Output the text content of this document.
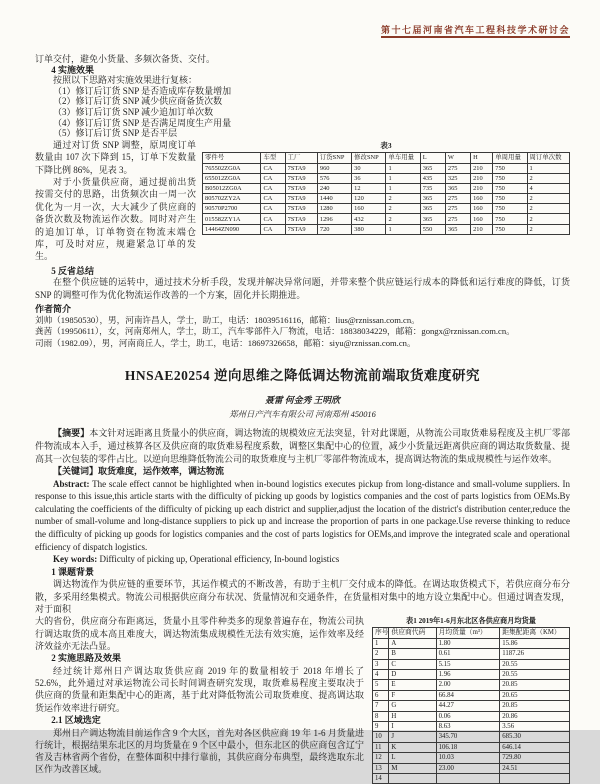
第十七届河南省汽车工程科技学术研讨会
订单交付，避免小货量、多频次备货、交付。
4 实施效果
按照以下思路对实施效果进行复核：
（1）修订后订货 SNP 是否造成库存数量增加
（2）修订后订货 SNP 减少供应商备货次数
（3）修订后订货 SNP 减少追加订单次数
（4）修订后订货 SNP 是否满足周度生产用量
（5）修订后订货 SNP 是否平层
表3
零件号	车型	工厂	订货SNP	修改SNP	单车用量	L	W	H	单周用量	周订单次数
765502ZG0A	CA	7STA9	960	30	1	365	275	210	750	1
655012ZG0A	CA	7STA9	576	36	1	435	325	210	750	2
B05012ZG0A	CA	7STA9	240	12	1	735	365	210	750	4
805702ZY2A	CA	7STA9	1440	120	2	365	275	160	750	2
90570P2700	CA	7STA9	1280	160	2	365	275	160	750	2
015582ZY1A	CA	7STA9	1296	432	2	365	275	160	750	2
14464ZN090	CA	7STA9	720	380	1	550	365	210	750	2

通过对订货 SNP 调整，原周度订单数量由 107 次下降到 15，订单下发数量下降比例 86%，见表 3。

对于小货量供应商，通过提前出货按需交付的思路，出货频次由一周一次优化为一月一次，大大减少了供应商的备货次数及物流运作次数。同时对产生的追加订单，订单物资在物流末端仓库，可及时对应，规避紧急订单的发生。

5 反省总结

在整个供应链的运转中，通过技术分析手段，发现并解决异常问题，并带来整个供应链运行成本的降低和运行难度的降低，订货 SNP 的调整可作为优化物流运作改善的一个方案，固化并长期推进。

作者简介
刘帅（19850530），男，河南许昌人，学士，助工，电话：18039516116，邮箱：lius@rznissan.com.cn。
龚茜（19950611），女，河南郑州人，学士，助工，汽车零部件入厂物流，电话：18838034229，邮箱：gongx@rznissan.com.cn。
司雨（1982.09），男，河南商丘人，学士，助工，电话：18697326658，邮箱：siyu@rznissan.com.cn。
HNSAE20254 逆向思维之降低调达物流前端取货难度研究
聂雷 何金秀 王明欣
郑州日产汽车有限公司 河南郑州 450016

【摘要】本文针对远距离且货量小的供应商，调达物流的规模效应无法突显，针对此课题，从物流公司取货难易程度及主机厂零部件物流成本入手，通过核算各区及供应商的取货难易程度系数，调整区集配中心的位置，减少小货量远距离供应商的调达取货数量、提高其一次包装的零件占比。以逆向思维降低物流公司的取货难度与主机厂零部件物流成本，提高调达物流的集成规模性与运作效率。

【关键词】取货难度，运作效率，调达物流

Abstract: The scale effect cannot be highlighted when in-bound logistics executes pickup from long-distance and small-volume suppliers. In response to this issue,this article starts with the difficulty of picking up goods by logistics companies and the cost of parts logistics from OEMs.By calculating the coefficients of the difficulty of picking up each district and supplier,adjust the location of the district's distribution center,reduce the number of small-volume and long-distance suppliers to pick up and increase the proportion of parts in one package.Use reverse thinking to reduce the difficulty of picking up goods for logistics companies and the cost of parts logistics for OEMs,and improve the integrated scale and operational efficiency of dispatch logistics.

Key words: Difficulty of picking up, Operational efficiency, In-bound logistics

1 课题背景

调达物流作为供应链的重要环节，其运作模式的不断改善，有助于主机厂交付成本的降低。在调达取货模式下，若供应商分布分散，多采用经集模式。物流公司根据供应商分布状况、货量情况和交通条件，在货量相对集中的地方设立集配中心。但通过调查发现，对于面积

大的省份，供应商分布距离远，货量小且零件种类多的现象普遍存在，物流公司执行调达取货的成本高且难度大，调达物流集成规模性无法有效实施，运作效率及经济效益亦无法凸显。

2 实施思路及效果

经过统计郑州日产调达取货供应商 2019 年的数量相较于 2018 年增长了 52.6%，此外通过对承运物流公司长时间调查研究发现，取货难易程度主要取决于供应商的货量和距集配中心的距离，基于此对降低物流公司取货难度、提高调达取货运作效率进行研究。

2.1 区域选定

郑州日产调达物流目前运作含 9 个大区，首先对各区供应商 19 年 1-6 月货量进行统计，根据结果东北区的月均货量在 9 个区中最小，但东北区的供应商包含辽宁省及吉林省两个省份，在整体面积中排行靠前，其供应商分布典型，最终选取东北区作为改善区域。

表1 2019年1-6月东北区各供应商月均货量
序号	供应商代码	月均货量（m³）	距集配距离（KM）
1	A	1.80	15.86
2	B	0.61	1187.26
3	C	5.15	20.55
4	D	1.96	20.55
5	E	2.00	20.85
6	F	66.84	20.65
7	G	44.27	20.85
8	H	0.06	20.86
9	I	8.63	3.56
10	J	345.70	685.30
11	K	106.18	646.14
12	L	10.03	729.80
13	M	23.00	24.51
14			
